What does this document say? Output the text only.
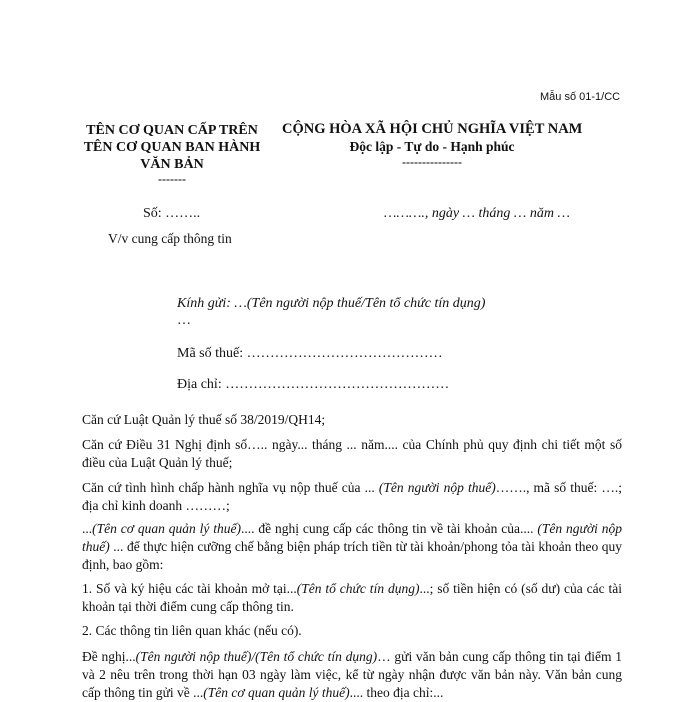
Mẫu số 01-1/CC
TÊN CƠ QUAN CẤP TRÊN
TÊN CƠ QUAN BAN HÀNH VĂN BẢN
-------
CỘNG HÒA XÃ HỘI CHỦ NGHĨA VIỆT NAM
Độc lập - Tự do - Hạnh phúc
---------------
Số: ……..	………., ngày … tháng … năm …
V/v cung cấp thông tin
Kính gửi: …(Tên người nộp thuế/Tên tổ chức tín dụng)
…
Mã số thuế: ……………………………………
Địa chỉ: …………………………………………
Căn cứ Luật Quản lý thuế số 38/2019/QH14;
Căn cứ Điều 31 Nghị định số….. ngày... tháng ... năm.... của Chính phủ quy định chi tiết một số điều của Luật Quản lý thuế;
Căn cứ tình hình chấp hành nghĩa vụ nộp thuế của ... (Tên người nộp thuế)……., mã số thuế: ….; địa chỉ kinh doanh ………;
...(Tên cơ quan quản lý thuế).... đề nghị cung cấp các thông tin về tài khoản của.... (Tên người nộp thuế) ... để thực hiện cưỡng chế bằng biện pháp trích tiền từ tài khoản/phong tỏa tài khoản theo quy định, bao gồm:
1. Số và ký hiệu các tài khoản mở tại...(Tên tổ chức tín dụng)...; số tiền hiện có (số dư) của các tài khoản tại thời điểm cung cấp thông tin.
2. Các thông tin liên quan khác (nếu có).
Đề nghị...(Tên người nộp thuế)/(Tên tổ chức tín dụng)… gửi văn bản cung cấp thông tin tại điểm 1 và 2 nêu trên trong thời hạn 03 ngày làm việc, kể từ ngày nhận được văn bản này. Văn bản cung cấp thông tin gửi về ...(Tên cơ quan quản lý thuế).... theo địa chỉ:...
